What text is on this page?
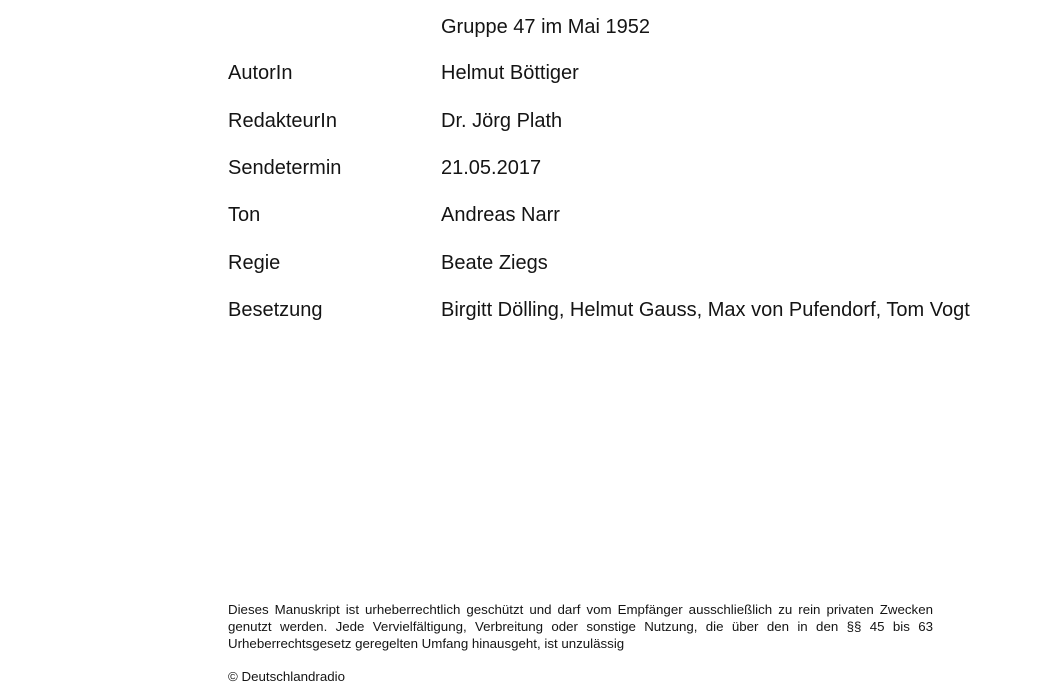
Gruppe 47 im Mai 1952
AutorIn	Helmut Böttiger
RedakteurIn	Dr. Jörg Plath
Sendetermin	21.05.2017
Ton	Andreas Narr
Regie	Beate Ziegs
Besetzung	Birgitt Dölling, Helmut Gauss, Max von Pufendorf, Tom Vogt
Dieses Manuskript ist urheberrechtlich geschützt und darf vom Empfänger ausschließlich zu rein privaten Zwecken genutzt werden. Jede Vervielfältigung, Verbreitung oder sonstige Nutzung, die über den in den §§ 45 bis 63 Urheberrechtsgesetz geregelten Umfang hinausgeht, ist unzulässig
© Deutschlandradio
